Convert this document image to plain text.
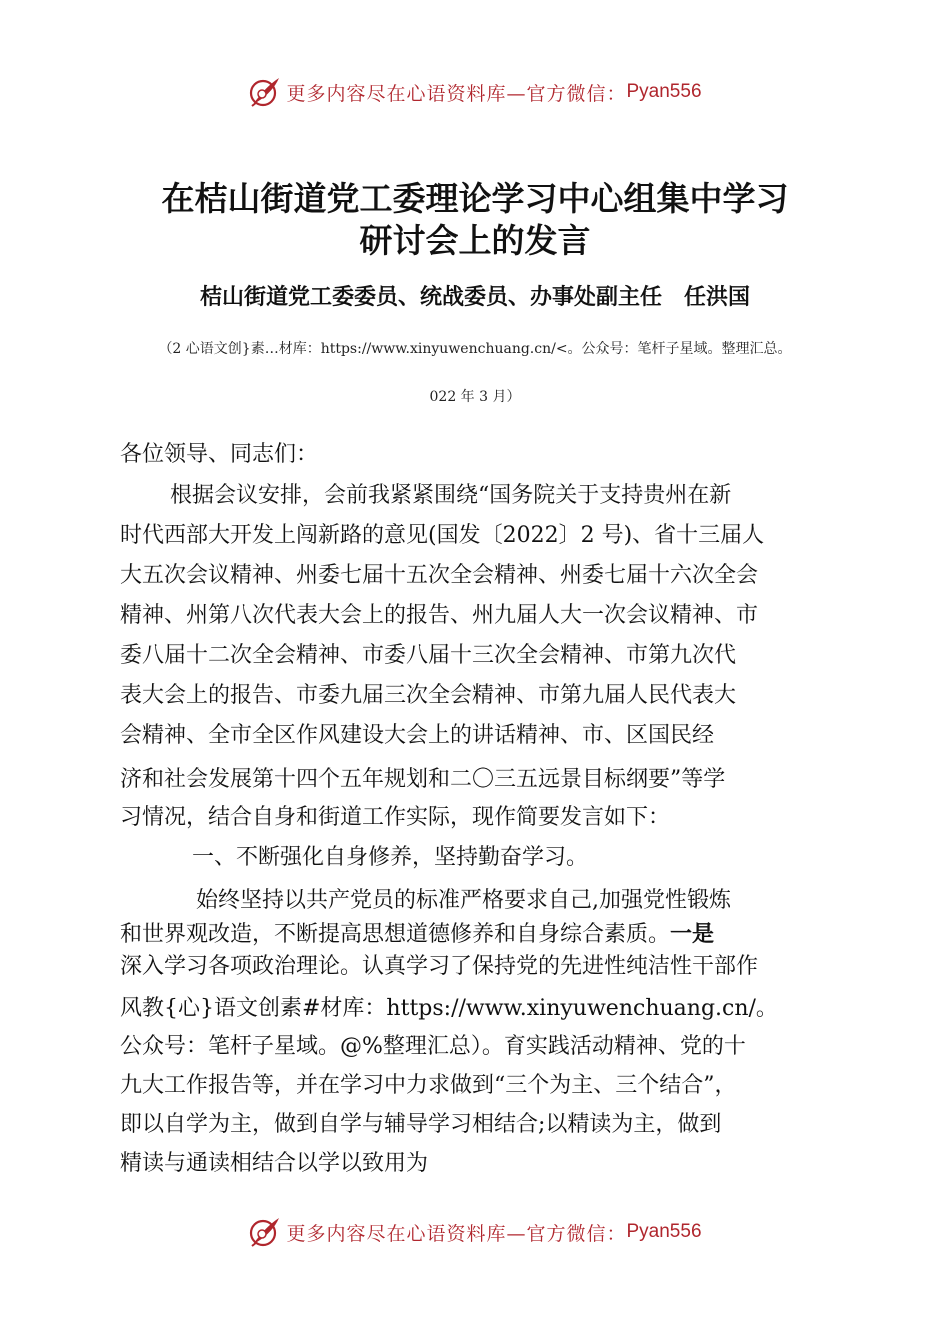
更多内容尽在心语资料库—官方微信： Pyan556
在桔山街道党工委理论学习中心组集中学习
研讨会上的发言
桔山街道党工委委员、统战委员、办事处副主任　任洪国
（2 心语文创}素…材库：https://www.xinyuwenchuang.cn/<。公众号：笔杆子星域。整理汇总。
022 年 3 月）
各位领导、同志们：
根据会议安排，会前我紧紧围绕“国务院关于支持贵州在新
时代西部大开发上闯新路的意见(国发〔2022〕2 号)、省十三届人
大五次会议精神、州委七届十五次全会精神、州委七届十六次全会
精神、州第八次代表大会上的报告、州九届人大一次会议精神、市
委八届十二次全会精神、市委八届十三次全会精神、市第九次代
表大会上的报告、市委九届三次全会精神、市第九届人民代表大
会精神、全市全区作风建设大会上的讲话精神、市、区国民经
济和社会发展第十四个五年规划和二〇三五远景目标纲要”等学
习情况，结合自身和街道工作实际，现作简要发言如下：
一、不断强化自身修养，坚持勤奋学习。
始终坚持以共产党员的标准严格要求自己,加强党性锻炼
和世界观改造，不断提高思想道德修养和自身综合素质。一是
深入学习各项政治理论。认真学习了保持党的先进性纯洁性干部作
风教{心}语文创素#材库：https://www.xinyuwenchuang.cn/。
公众号：笔杆子星域。@%整理汇总）。育实践活动精神、党的十
九大工作报告等，并在学习中力求做到“三个为主、三个结合”，
即以自学为主，做到自学与辅导学习相结合;以精读为主，做到
精读与通读相结合以学以致用为
更多内容尽在心语资料库—官方微信： Pyan556
